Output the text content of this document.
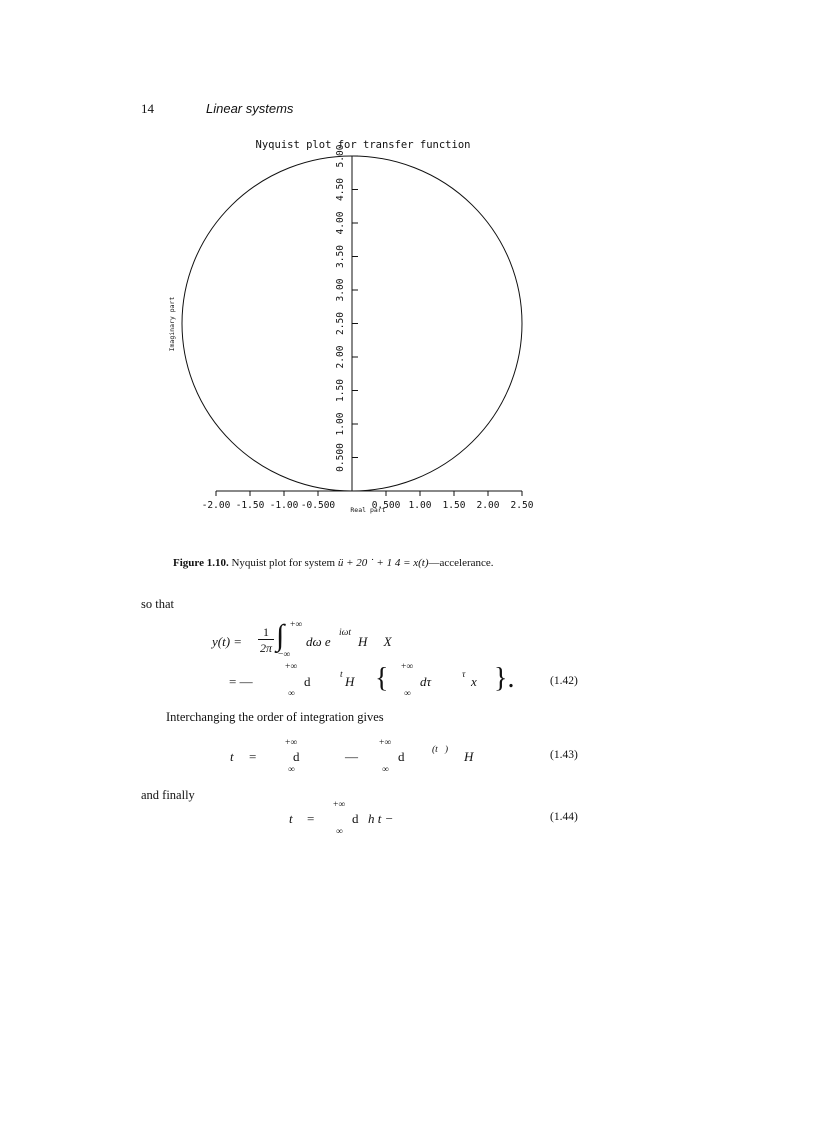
14	Linear systems
Nyquist plot for transfer function
-2.00 -1.50 -1.00 -0.500	0.500 1.00 1.50 2.00 2.50
0.500
1.00
1.50
2.00
2.50
3.00
3.50
4.00
4.50
5.00
Real part
Imaginary part
Figure 1.10. Nyquist plot for system ü + 20 ˙ + 1 4 = x(t)—accelerance.
so that
y(t) =
1
2π ∫ +∞
−∞
dω e
iωt
H     X
= —
+∞
d
∞
t H { +∞
dτ
∞
τ x }.	(1.42)
Interchanging the order of integration gives
t =
+∞
d
∞
—
+∞
d
∞
(t   ) H	(1.43)
and finally
t =
+∞
d
∞
h t −	(1.44)
